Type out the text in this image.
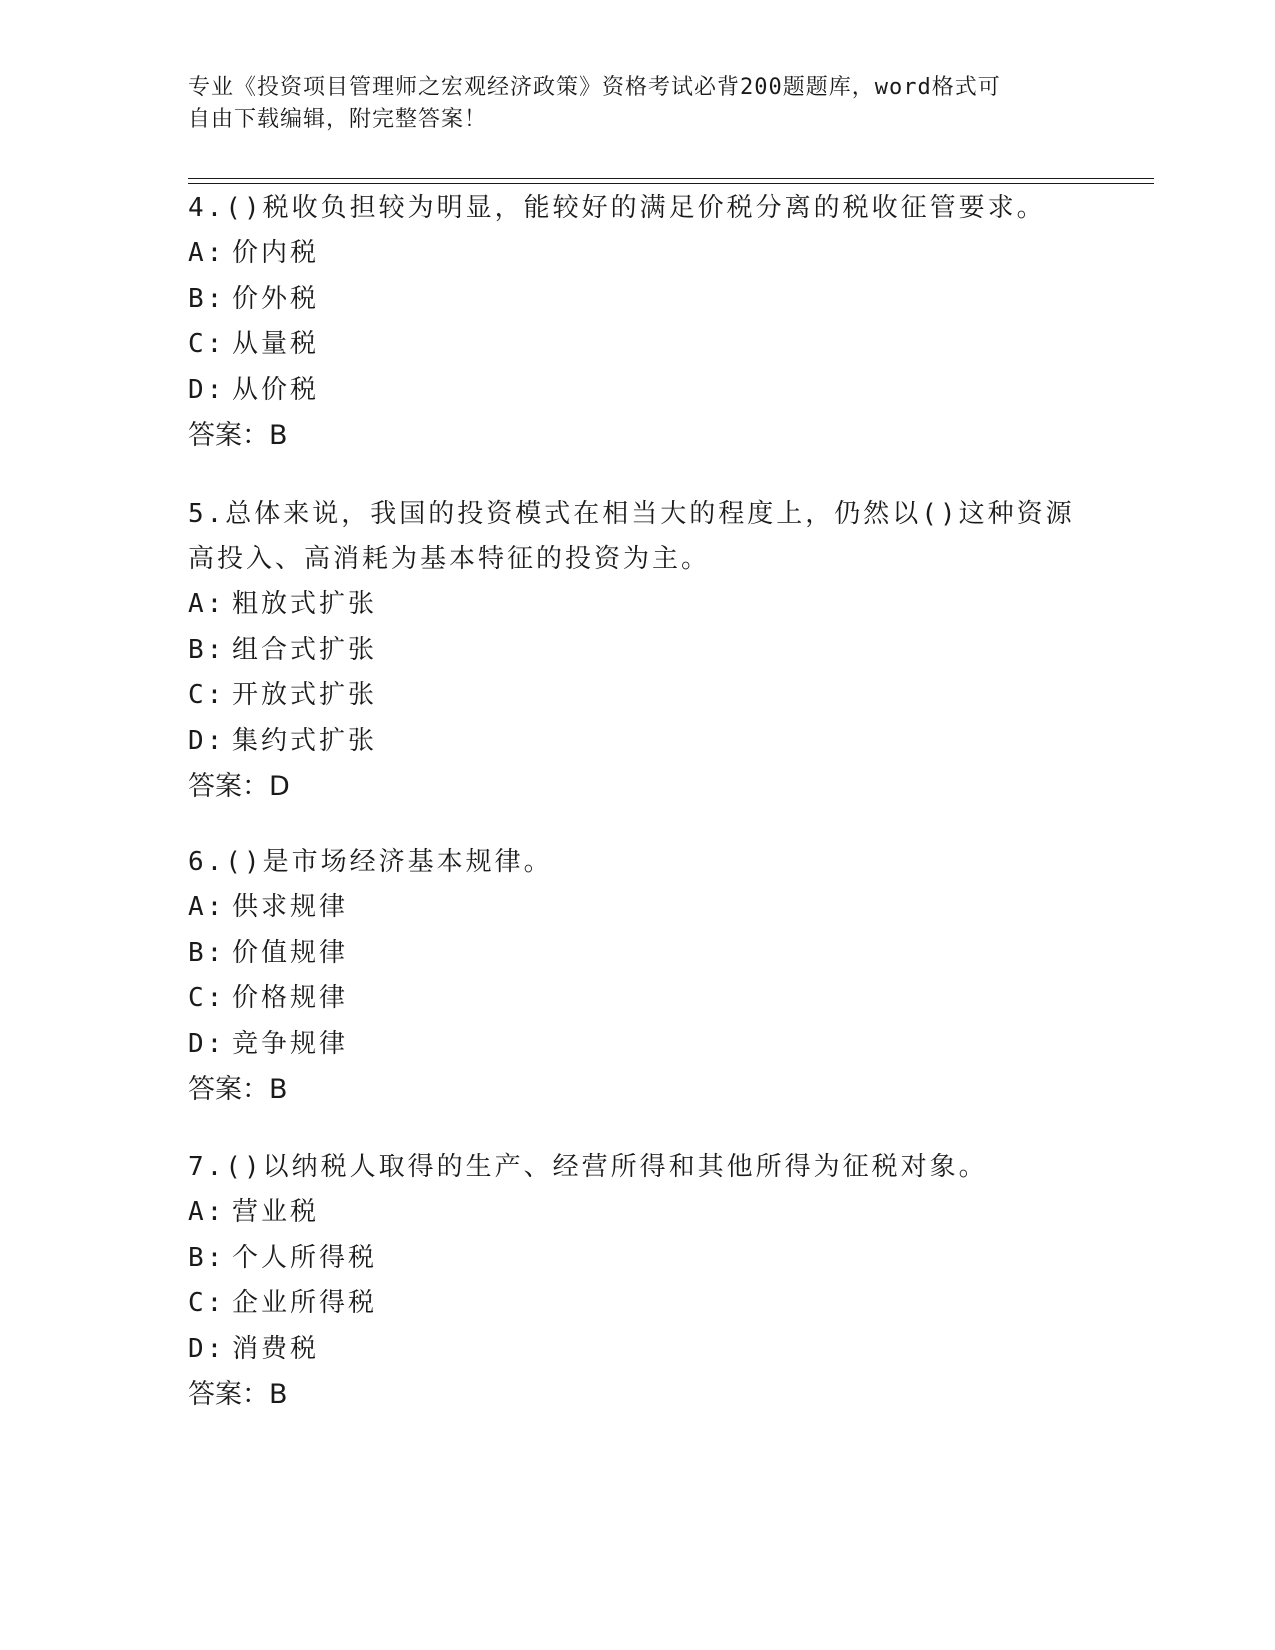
专业《投资项目管理师之宏观经济政策》资格考试必背200题题库，word格式可
自由下载编辑，附完整答案！

4.()税收负担较为明显，能较好的满足价税分离的税收征管要求。

A: 价内税

B: 价外税

C: 从量税

D: 从价税

答案：B

5.总体来说，我国的投资模式在相当大的程度上，仍然以()这种资源

高投入、高消耗为基本特征的投资为主。

A: 粗放式扩张

B: 组合式扩张

C: 开放式扩张

D: 集约式扩张

答案：D

6.()是市场经济基本规律。

A: 供求规律

B: 价值规律

C: 价格规律

D: 竞争规律

答案：B

7.()以纳税人取得的生产、经营所得和其他所得为征税对象。

A: 营业税

B: 个人所得税

C: 企业所得税

D: 消费税

答案：B
